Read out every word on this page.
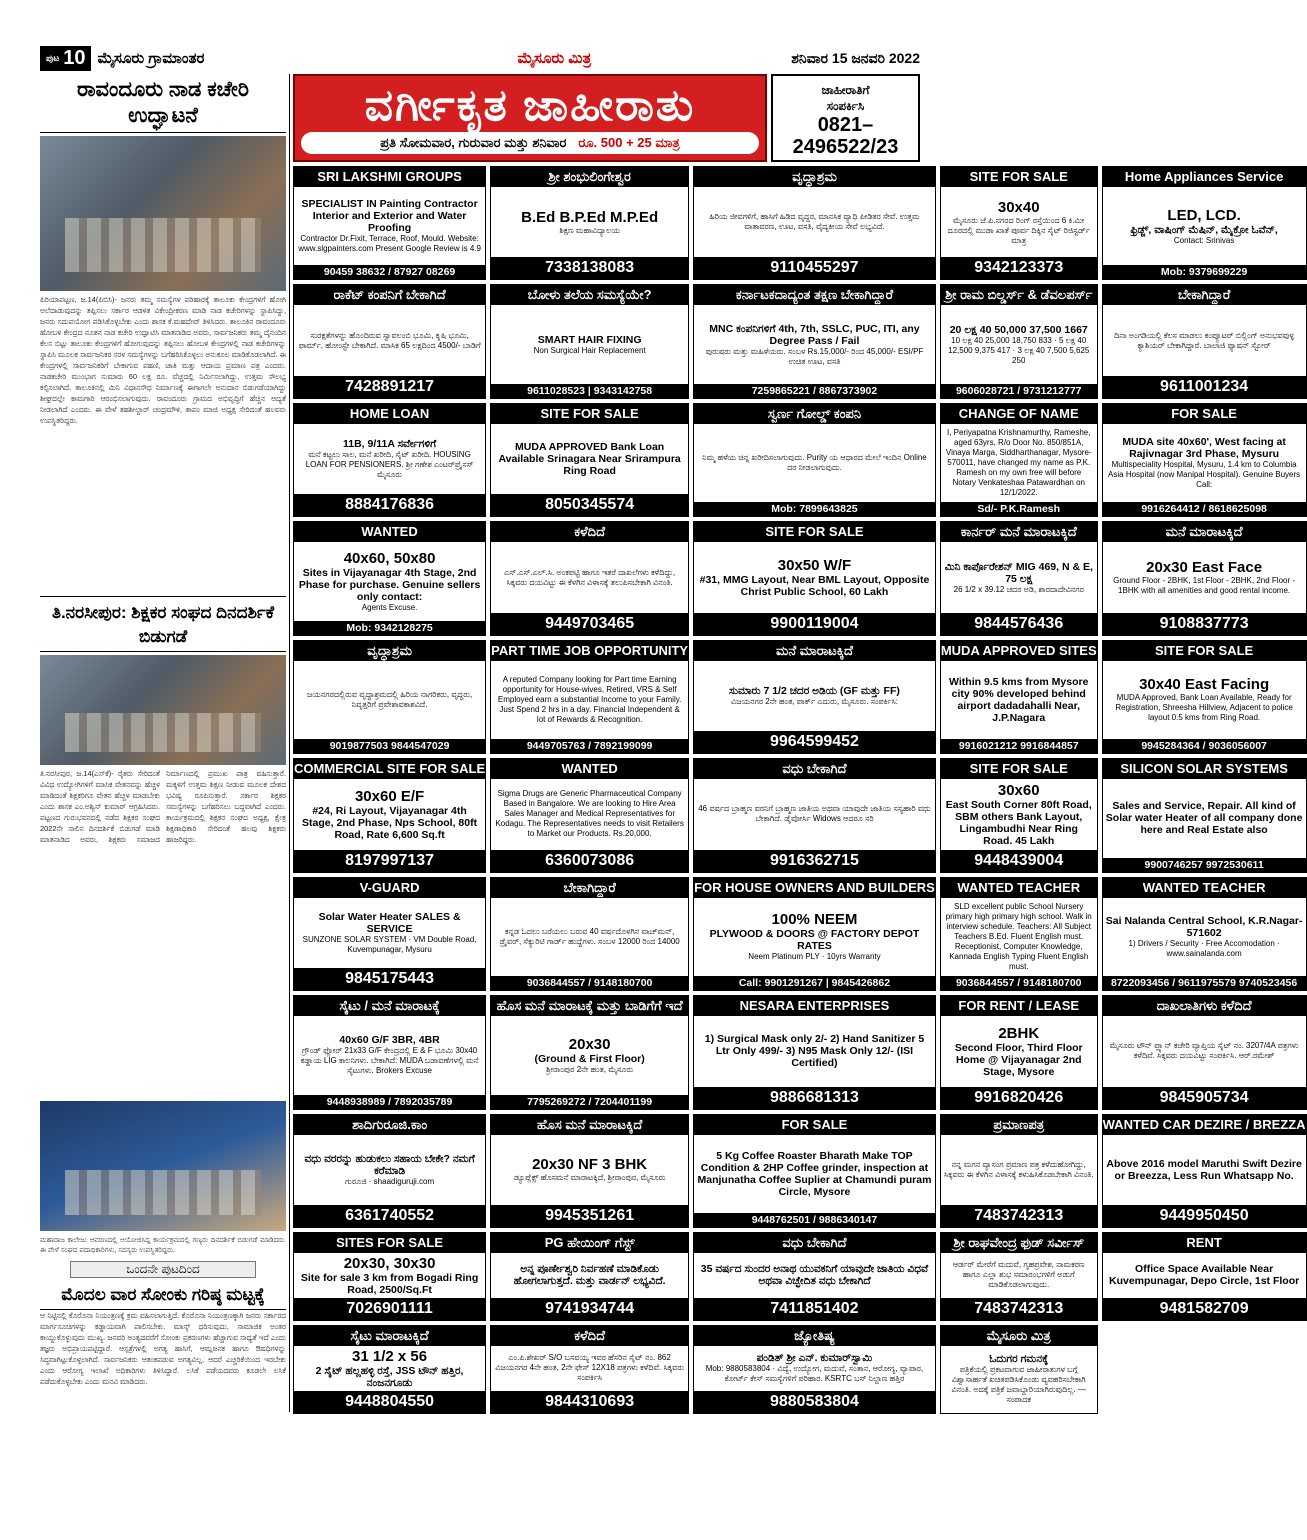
ಪುಟ 10 ಮೈಸೂರು ಗ್ರಾಮಾಂತರ	ಮೈಸೂರು ಮಿತ್ರ	ಶನಿವಾರ 15 ಜನವರಿ 2022
ರಾವಂದೂರು ನಾಡ ಕಚೇರಿ ಉದ್ಘಾಟನೆ
ಪಿರಿಯಾಪಟ್ಟಣ, ಜ.14(ಪಿಬಿಸಿ)- ಜನರು ತಮ್ಮ ಸಮಸ್ಯೆಗಳ ಪರಿಹಾರಕ್ಕೆ ತಾಲೂಕು ಕೇಂದ್ರಗಳಿಗೆ ಹೋಗಿ ಅಲೆದಾಡುವುದನ್ನು ತಪ್ಪಿಸಲು ಸರ್ಕಾರ ಆಡಳಿತ ವಿಕೇಂದ್ರೀಕರಣ ಮಾಡಿ ನಾಡ ಕಚೇರಿಗಳನ್ನು ಸ್ಥಾಪಿಸಿದ್ದು, ಜನರು ಸದುಪಯೋಗ ಪಡಿಸಿಕೊಳ್ಳಬೇಕು ಎಂದು ಶಾಸಕ ಕೆ.ಮಹದೇವ್ ತಿಳಿಸಿದರು. ತಾಲೂಕಿನ ರಾವಂದೂರು ಹೋಬಳಿ ಕೇಂದ್ರದ ನೂತನ ನಾಡ ಕಚೇರಿ ಉದ್ಘಾಟಿಸಿ ಮಾತನಾಡಿದ ಅವರು, ಸಾರ್ವಜನಿಕರು ತಮ್ಮ ದೈನಂದಿನ ಕೆಲಸ ಬಿಟ್ಟು ತಾಲೂಕು ಕೇಂದ್ರಗಳಿಗೆ ಹೋಗುವುದನ್ನು ತಪ್ಪಿಸಲು ಹೋಬಳಿ ಕೇಂದ್ರಗಳಲ್ಲಿ ನಾಡ ಕಚೇರಿಗಳನ್ನು ಸ್ಥಾಪಿಸಿ ಮೂಲಕ ಸಾರ್ವಜನಿಕರ ಸರಳ ಸಮಸ್ಯೆಗಳನ್ನು ಬಗೆಹರಿಸಿಕೊಳ್ಳಲು ಅನುಕೂಲ ಮಾಡಿಕೊಡಲಾಗಿದೆ. ಈ ಕೇಂದ್ರಗಳಲ್ಲಿ ಸಾರ್ವಜನಿಕರಿಗೆ ಬೇಕಾಗುವ ಪಹಣಿ, ಜಾತಿ ಮತ್ತು ಆದಾಯ ಪ್ರಮಾಣ ಪತ್ರ ಎಂದರು. ನಾಡಕಚೇರಿ ಮುಂಭಾಗ ಸುಮಾರು 60 ಲಕ್ಷ ರೂ. ವೆಚ್ಚದಲ್ಲಿ ನಿರ್ಮಿಸಲಾಗಿದ್ದು, ಉತ್ತಮ ಸೌಲಭ್ಯ ಕಲ್ಪಿಸಲಾಗಿದೆ. ತಾಲೂಕಿನಲ್ಲಿ ಮಿನಿ ವಿಧಾನಸೌಧ ನಿರ್ಮಾಣಕ್ಕೆ ಈಗಾಗಲೇ ಅನುದಾನ ಬಿಡುಗಡೆಯಾಗಿದ್ದು ಶೀಘ್ರದಲ್ಲೇ ಕಾಮಗಾರಿ ಆರಂಭಿಸಲಾಗುವುದು. ರಾವಂದೂರು ಗ್ರಾಮದ ಅಭಿವೃದ್ಧಿಗೆ ಹೆಚ್ಚಿನ ಆದ್ಯತೆ ನೀಡಲಾಗಿದೆ ಎಂದರು. ಈ ವೇಳೆ ತಹಶೀಲ್ದಾರ್ ಚಂದ್ರಮೌಳಿ, ತಾಪಂ ಮಾಜಿ ಅಧ್ಯಕ್ಷ ಸೇರಿದಂತೆ ಹಲವರು ಉಪಸ್ಥಿತರಿದ್ದರು.
ತಿ.ನರಸೀಪುರ: ಶಿಕ್ಷಕರ ಸಂಘದ ದಿನದರ್ಶಿಕೆ ಬಿಡುಗಡೆ
ತಿ.ನರಸೀಪುರ, ಜ.14(ಎಸ್‌ಕೆ)- ರೈತರು ಸೇರಿದಂತೆ ವಿವಿಧ ಉದ್ಯೋಗಿಗಳಿಗೆ ಮಾಸಿಕ ವೇತನವನ್ನು ಹೆಚ್ಚಳ ಮಾಡಿದಂತೆ ಶಿಕ್ಷಕರಿಗೂ ವೇತನ ಹೆಚ್ಚಳ ಮಾಡಬೇಕು ಎಂದು ಶಾಸಕ ಎಂ.ಅಶ್ವಿನ್ ಕುಮಾರ್ ಆಗ್ರಹಿಸಿದರು. ಪಟ್ಟಣದ ಗುರುಭವನದಲ್ಲಿ ನಡೆದ ಶಿಕ್ಷಕರ ಸಂಘದ 2022ನೇ ಸಾಲಿನ ದಿನದರ್ಶಿಕೆ ಬಿಡುಗಡೆ ಮಾಡಿ ಮಾತನಾಡಿದ ಅವರು, ಶಿಕ್ಷಕರು ಸಮಾಜದ ನಿರ್ಮಾಣದಲ್ಲಿ ಪ್ರಮುಖ ಪಾತ್ರ ವಹಿಸುತ್ತಾರೆ. ಮಕ್ಕಳಿಗೆ ಉತ್ತಮ ಶಿಕ್ಷಣ ನೀಡುವ ಮೂಲಕ ದೇಶದ ಭವಿಷ್ಯ ರೂಪಿಸುತ್ತಾರೆ. ಸರ್ಕಾರ ಶಿಕ್ಷಕರ ಸಮಸ್ಯೆಗಳನ್ನು ಬಗೆಹರಿಸಲು ಬದ್ಧವಾಗಿದೆ ಎಂದರು. ಕಾರ್ಯಕ್ರಮದಲ್ಲಿ ಶಿಕ್ಷಕರ ಸಂಘದ ಅಧ್ಯಕ್ಷ, ಕ್ಷೇತ್ರ ಶಿಕ್ಷಣಾಧಿಕಾರಿ ಸೇರಿದಂತೆ ಹಲವು ಶಿಕ್ಷಕರು ಹಾಜರಿದ್ದರು.
ಮಹಾರಾಜ ಕಾಲೇಜು ಆವರಣದಲ್ಲಿ ಆಯೋಜಿಸಿದ್ದ ಕಾರ್ಯಕ್ರಮದಲ್ಲಿ ಗಣ್ಯರು ದಿನದರ್ಶಿಕೆ ಬಿಡುಗಡೆ ಮಾಡಿದರು. ಈ ವೇಳೆ ಸಂಘದ ಪದಾಧಿಕಾರಿಗಳು, ಸದಸ್ಯರು ಉಪಸ್ಥಿತರಿದ್ದರು.
ಒಂದನೇ ಪುಟದಿಂದ
ಮೊದಲ ವಾರ ಸೋಂಕು ಗರಿಷ್ಠ ಮಟ್ಟಕ್ಕೆ
ಆ ನಿಟ್ಟಿನಲ್ಲಿ ಕೊರೊನಾ ನಿಯಂತ್ರಣಕ್ಕೆ ಕ್ರಮ ವಹಿಸಲಾಗುತ್ತಿದೆ. ಕೊರೊನಾ ನಿಯಂತ್ರಣಕ್ಕಾಗಿ ಜನರು ಸರ್ಕಾರದ ಮಾರ್ಗಸೂಚಿಗಳನ್ನು ಕಡ್ಡಾಯವಾಗಿ ಪಾಲಿಸಬೇಕು. ಮಾಸ್ಕ್ ಧರಿಸುವುದು, ಸಾಮಾಜಿಕ ಅಂತರ ಕಾಯ್ದುಕೊಳ್ಳುವುದು ಮುಖ್ಯ. ಜನವರಿ ಅಂತ್ಯದವರೆಗೆ ಸೋಂಕು ಪ್ರಕರಣಗಳು ಹೆಚ್ಚಾಗುವ ಸಾಧ್ಯತೆ ಇದೆ ಎಂದು ತಜ್ಞರು ಅಭಿಪ್ರಾಯಪಟ್ಟಿದ್ದಾರೆ. ಆಸ್ಪತ್ರೆಗಳಲ್ಲಿ ಅಗತ್ಯ ಹಾಸಿಗೆ, ಆಮ್ಲಜನಕ ಹಾಗೂ ಔಷಧಿಗಳನ್ನು ಸಿದ್ಧವಾಗಿಟ್ಟುಕೊಳ್ಳಲಾಗಿದೆ. ಸಾರ್ವಜನಿಕರು ಆತಂಕಪಡುವ ಅಗತ್ಯವಿಲ್ಲ, ಆದರೆ ಎಚ್ಚರಿಕೆಯಿಂದ ಇರಬೇಕು ಎಂದು ಆರೋಗ್ಯ ಇಲಾಖೆ ಅಧಿಕಾರಿಗಳು ತಿಳಿಸಿದ್ದಾರೆ. ಲಸಿಕೆ ಪಡೆಯದವರು ಕೂಡಲೇ ಲಸಿಕೆ ಪಡೆದುಕೊಳ್ಳಬೇಕು ಎಂದು ಮನವಿ ಮಾಡಿದರು.
ವರ್ಗೀಕೃತ ಜಾಹೀರಾತು
ಪ್ರತಿ ಸೋಮವಾರ, ಗುರುವಾರ ಮತ್ತು ಶನಿವಾರ ರೂ. 500 + 25 ಮಾತ್ರ
ಜಾಹೀರಾತಿಗೆ
ಸಂಪರ್ಕಿಸಿ
0821–2496522/23
SRI LAKSHMI GROUPS
SPECIALIST IN Painting Contractor Interior and Exterior and Water Proofing
Contractor Dr.Fixit, Terrace, Roof, Mould. Website: www.slgpainters.com Present Google Review is 4.9
90459 38632 / 87927 08269
ಶ್ರೀ ಶಂಭುಲಿಂಗೇಶ್ವರ
B.Ed B.P.Ed M.P.Ed
ಶಿಕ್ಷಣ ಮಹಾವಿದ್ಯಾಲಯ
7338138083
ವೃದ್ಧಾಶ್ರಮ
ಹಿರಿಯ ಜೀವಗಳಿಗೆ, ಹಾಸಿಗೆ ಹಿಡಿದ ವೃದ್ಧರ, ಮಾನಸಿಕ ವ್ಯಾಧಿ ಪೀಡಿತರ ಸೇವೆ. ಉತ್ತಮ ವಾತಾವರಣ, ಊಟ, ವಸತಿ, ವೈದ್ಯಕೀಯ ಸೇವೆ ಲಭ್ಯವಿದೆ.
9110455297
SITE FOR SALE
30x40
ಮೈಸೂರು ಜೆ.ಪಿ.ನಗರದ ರಿಂಗ್ ರಸ್ತೆಯಿಂದ 6 ಕಿ.ಮೀ ದೂರದಲ್ಲಿ ಮುಡಾ ಖಾತೆ ಪೂರ್ವ ದಿಕ್ಕಿನ ಸೈಟ್ ರಿಜಿಸ್ಟರ್ಡ್ ಮಾತ್ರ
9342123373
Home Appliances Service
LED, LCD.
ಫ್ರಿಡ್ಜ್, ವಾಷಿಂಗ್ ಮೆಷಿನ್, ಮೈಕ್ರೋ ಓವೆನ್,
Contact: Srinivas
Mob: 9379699229
ರಾಕೆಟ್ ಕಂಪನಿಗೆ ಬೇಕಾಗಿದೆ
ಸುರಕ್ಷತೆಗಳನ್ನು ಹೊಂದಿರುವ ಸ್ವಾವಲಂಬಿ ಭೂಮಿ, ಕೃಷಿ ಭೂಮಿ, ಫಾರ್ಮ್, ಹೋಂಸ್ಟೇ ಬೇಕಾಗಿದೆ. ಮಾಸಿಕ 65 ಲಕ್ಷದಿಂದ 4500/- ಬಾಡಿಗೆ
7428891217
ಬೋಳು ತಲೆಯ ಸಮಸ್ಯೆಯೇ?
SMART HAIR FIXING
Non Surgical Hair Replacement
9611028523 | 9343142758
ಕರ್ನಾಟಕದಾದ್ಯಂತ ತಕ್ಷಣ ಬೇಕಾಗಿದ್ದಾರೆ
MNC ಕಂಪನಿಗಳಿಗೆ 4th, 7th, SSLC, PUC, ITI, any Degree Pass / Fail
ಪುರುಷರು ಮತ್ತು ಮಹಿಳೆಯರು. ಸಂಬಳ Rs.15,000/- ರಿಂದ 45,000/- ESI/PF ಉಚಿತ ಊಟ, ವಸತಿ
7259865221 / 8867373902
ಶ್ರೀ ರಾಮ ಬಿಲ್ಡರ್ಸ್ & ಡೆವಲಪರ್ಸ್
20 ಲಕ್ಷ 40 50,000 37,500 1667
10 ಲಕ್ಷ 40 25,000 18,750 833 · 5 ಲಕ್ಷ 40 12,500 9,375 417 · 3 ಲಕ್ಷ 40 7,500 5,625 250
9606028721 / 9731212777
ಬೇಕಾಗಿದ್ದಾರೆ
ದಿನಾ ಅಂಗಡಿಯಲ್ಲಿ ಕೆಲಸ ಮಾಡಲು ಕಂಪ್ಯೂಟರ್ ಬಿಲ್ಲಿಂಗ್ ಅನುಭವವುಳ್ಳ ಕ್ಯಾಶಿಯರ್ ಬೇಕಾಗಿದ್ದಾರೆ. ಬಾಲಾಜಿ ಫ್ಯಾಷನ್ ಸ್ಟೋರ್
9611001234
HOME LOAN
11B, 9/11A ಸರ್ವೇಗಳಿಗೆ
ಮನೆ ಕಟ್ಟಲು ಸಾಲ, ಮನೆ ಖರೀದಿ, ಸೈಟ್ ಖರೀದಿ. HOUSING LOAN FOR PENSIONERS. ಶ್ರೀ ಗಣೇಶ ಎಂಟರ್‌ಪ್ರೈಸಸ್ ಮೈಸೂರು
8884176836
SITE FOR SALE
MUDA APPROVED Bank Loan Available Srinagara Near Srirampura Ring Road
8050345574
ಸ್ವರ್ಣ ಗೋಲ್ಡ್ ಕಂಪನಿ
ನಿಮ್ಮ ಹಳೆಯ ಚಿನ್ನ ಖರೀದಿಸಲಾಗುವುದು. Purity ಯ ಆಧಾರದ ಮೇಲೆ ಇಂದಿನ Online ದರ ನೀಡಲಾಗುವುದು.
Mob: 7899643825
CHANGE OF NAME
I, Periyapatna Krishnamurthy, Rameshe, aged 63yrs, R/o Door No. 850/851A, Vinaya Marga, Siddharthanagar, Mysore-570011, have changed my name as P.K. Ramesh on my own free will before Notary Venkateshaa Patawardhan on 12/1/2022.
Sd/- P.K.Ramesh
FOR SALE
MUDA site 40x60', West facing at Rajivnagar 3rd Phase, Mysuru
Multispeciality Hospital, Mysuru, 1.4 km to Columbia Asia Hospital (now Manipal Hospital). Genuine Buyers Call:
9916264412 / 8618625098
WANTED
40x60, 50x80
Sites in Vijayanagar 4th Stage, 2nd Phase for purchase. Genuine sellers only contact:
Agents Excuse.
Mob: 9342128275
ಕಳೆದಿದೆ
ಎಸ್.ಎಸ್.ಎಲ್.ಸಿ. ಅಂಕಪಟ್ಟಿ ಹಾಗೂ ಇತರೆ ದಾಖಲೆಗಳು ಕಳೆದಿದ್ದು, ಸಿಕ್ಕವರು ದಯವಿಟ್ಟು ಈ ಕೆಳಗಿನ ವಿಳಾಸಕ್ಕೆ ತಲುಪಿಸಬೇಕಾಗಿ ವಿನಂತಿ.
9449703465
SITE FOR SALE
30x50 W/F
#31, MMG Layout, Near BML Layout, Opposite Christ Public School, 60 Lakh
9900119004
ಕಾರ್ನರ್ ಮನೆ ಮಾರಾಟಕ್ಕಿದೆ
ಮಿನಿ ಕಾರ್ಪೊರೇಶನ್ MIG 469, N & E, 75 ಲಕ್ಷ
26 1/2 x 39.12 ಚದರ ಅಡಿ, ಶಾರದಾದೇವಿನಗರ
9844576436
ಮನೆ ಮಾರಾಟಕ್ಕಿದೆ
20x30 East Face
Ground Floor - 2BHK, 1st Floor - 2BHK, 2nd Floor - 1BHK with all amenities and good rental income.
9108837773
ವೃದ್ಧಾಶ್ರಮ
ಜಯನಗರದಲ್ಲಿರುವ ವೃದ್ಧಾಶ್ರಮದಲ್ಲಿ ಹಿರಿಯ ನಾಗರಿಕರು, ವೃದ್ಧರು, ನಿವೃತ್ತರಿಗೆ ಪ್ರವೇಶಾವಕಾಶವಿದೆ.
9019877503 9844547029
PART TIME JOB OPPORTUNITY
A reputed Company looking for Part time Earning opportunity for House-wives, Retired, VRS & Self Employed earn a substantial Income to your Family. Just Spend 2 hrs in a day. Financial Independent & lot of Rewards & Recognition.
9449705763 / 7892199099
ಮನೆ ಮಾರಾಟಕ್ಕಿದೆ
ಸುಮಾರು 7 1/2 ಚದರ ಅಡಿಯ (GF ಮತ್ತು FF)
ವಿಜಯನಗರ 2ನೇ ಹಂತ, ಪಾರ್ಕ್ ಎದುರು, ಮೈಸೂರು. ಸಂಪರ್ಕಿಸಿ:
9964599452
MUDA APPROVED SITES
Within 9.5 kms from Mysore city 90% developed behind airport dadadahalli Near, J.P.Nagara
9916021212 9916844857
SITE FOR SALE
30x40 East Facing
MUDA Approved, Bank Loan Available, Ready for Registration, Shreesha Hillview, Adjacent to police layout 0.5 kms from Ring Road.
9945284364 / 9036056007
COMMERCIAL SITE FOR SALE
30x60 E/F
#24, Ri Layout, Vijayanagar 4th Stage, 2nd Phase, Nps School, 80ft Road, Rate 6,600 Sq.ft
8197997137
WANTED
Sigma Drugs are Generic Pharmaceutical Company Based in Bangalore. We are looking to Hire Area Sales Manager and Medical Representatives for Kodagu. The Representatives needs to visit Retailers to Market our Products. Rs.20,000.
6360073086
ವಧು ಬೇಕಾಗಿದೆ
46 ವರ್ಷದ ಬ್ರಾಹ್ಮಣ ವರನಿಗೆ ಬ್ರಾಹ್ಮಣ ಜಾತಿಯ ಅಥವಾ ಯಾವುದೇ ಜಾತಿಯ ಸಸ್ಯಹಾರಿ ವಧು ಬೇಕಾಗಿದೆ. ಡೈವೋರ್ಸಿ Widows ಆದರೂ ಸರಿ
9916362715
SITE FOR SALE
30x60
East South Corner 80ft Road, SBM others Bank Layout, Lingambudhi Near Ring Road. 45 Lakh
9448439004
SILICON SOLAR SYSTEMS
Sales and Service, Repair. All kind of Solar water Heater of all company done here and Real Estate also
9900746257 9972530611
V-GUARD
Solar Water Heater SALES & SERVICE
SUNZONE SOLAR SYSTEM · VM Double Road, Kuvempunagar, Mysuru
9845175443
ಬೇಕಾಗಿದ್ದಾರೆ
ಕನ್ನಡ ಓದಲು ಬರೆಯಲು ಬರುವ 40 ವರ್ಷದೊಳಗಿನ ವಾಚ್‌ಮನ್, ಡ್ರೈವರ್, ಸೆಕ್ಯುರಿಟಿ ಗಾರ್ಡ್ ಹುದ್ದೆಗಳು. ಸಂಬಳ 12000 ರಿಂದ 14000
9036844557 / 9148180700
FOR HOUSE OWNERS AND BUILDERS
100% NEEM
PLYWOOD & DOORS @ FACTORY DEPOT RATES
Neem Platinum PLY · 10yrs Warranty
Call: 9901291267 | 9845426862
WANTED TEACHER
SLD excellent public School Nursery primary high primary high school. Walk in interview schedule. Teachers: All Subject Teachers B.Ed. Fluent English must. Receptionist, Computer Knowledge, Kannada English Typing Fluent English must.
9036844557 / 9148180700
WANTED TEACHER
Sai Nalanda Central School, K.R.Nagar-571602
1) Drivers / Security · Free Accomodation · www.sainalanda.com
8722093456 / 9611975579 9740523456
ಸೈಟು / ಮನೆ ಮಾರಾಟಕ್ಕೆ
40x60 G/F 3BR, 4BR
ಗ್ರೌಂಡ್ ಫ್ಲೋರ್ 21x33 G/F ಕೇಂದ್ರದಲ್ಲಿ E & F ಭೂಮಿ 30x40 ಕಡ್ಡಾಯ LIG ಕಾಲನಿಗಳು. ಬೇಕಾಗಿದೆ: MUDA ಬಡಾವಣೆಗಳಲ್ಲಿ ಮನೆ ಸೈಟುಗಳು. Brokers Excuse
9448938989 / 7892035789
ಹೊಸ ಮನೆ ಮಾರಾಟಕ್ಕೆ ಮತ್ತು ಬಾಡಿಗೆಗೆ ಇದೆ
20x30
(Ground & First Floor)
ಶ್ರೀರಾಂಪುರ 2ನೇ ಹಂತ, ಮೈಸೂರು
7795269272 / 7204401199
NESARA ENTERPRISES
1) Surgical Mask only 2/- 2) Hand Sanitizer 5 Ltr Only 499/- 3) N95 Mask Only 12/- (ISI Certified)
9886681313
FOR RENT / LEASE
2BHK
Second Floor, Third Floor Home @ Vijayanagar 2nd Stage, Mysore
9916820426
ದಾಖಲಾತಿಗಳು ಕಳೆದಿದೆ
ಮೈಸೂರು ಟೌನ್ ಪ್ಲ್ಯಾನ್ ಕಚೇರಿ ವ್ಯಾಪ್ತಿಯ ಸೈಟ್ ನಂ. 3207/4A ಪತ್ರಗಳು ಕಳೆದಿವೆ. ಸಿಕ್ಕವರು ದಯವಿಟ್ಟು ಸಂಪರ್ಕಿಸಿ. ಆರ್.ರಮೇಶ್
9845905734
ಶಾದಿಗುರೂಜಿ.ಕಾಂ
ವಧು ವರರನ್ನು ಹುಡುಕಲು ಸಹಾಯ ಬೇಕೇ? ನಮಗೆ ಕರೆಮಾಡಿ
ಗುರೂಜಿ · shaadiguruji.com
6361740552
ಹೊಸ ಮನೆ ಮಾರಾಟಕ್ಕಿದೆ
20x30 NF 3 BHK
ಡ್ಯೂಪ್ಲೆಕ್ಸ್ ಹೊಸಮನೆ ಮಾರಾಟಕ್ಕಿದೆ, ಶ್ರೀರಾಂಪುರ, ಮೈಸೂರು
9945351261
FOR SALE
5 Kg Coffee Roaster Bharath Make TOP Condition & 2HP Coffee grinder, inspection at Manjunatha Coffee Suplier at Chamundi puram Circle, Mysore
9448762501 / 9886340147
ಪ್ರಮಾಣಪತ್ರ
ನನ್ನ ಮಗನ ವ್ಯಾಸಂಗ ಪ್ರಮಾಣ ಪತ್ರ ಕಳೆದುಹೋಗಿದ್ದು, ಸಿಕ್ಕವರು ಈ ಕೆಳಗಿನ ವಿಳಾಸಕ್ಕೆ ಕಳುಹಿಸಿಕೊಡಬೇಕಾಗಿ ವಿನಂತಿ.
7483742313
WANTED CAR DEZIRE / BREZZA
Above 2016 model Maruthi Swift Dezire or Breezza, Less Run Whatsapp No.
9449950450
SITES FOR SALE
20x30, 30x30
Site for sale 3 km from Bogadi Ring Road, 2500/Sq.Ft
7026901111
PG ಹೇಯಿಂಗ್ ಗೆಸ್ಟ್
ಅನ್ನ ಪೂರ್ಣೇಶ್ವರಿ ನಿರ್ವಹಣೆ ಮಾಡಿಕೊಡು ಹೋಗಲಾಗುತ್ತದೆ. ಮತ್ತು ವಾರ್ಡನ್ ಲಭ್ಯವಿದೆ.
9741934744
ವಧು ಬೇಕಾಗಿದೆ
35 ವರ್ಷದ ಸುಂದರ ಅನಾಥ ಯುವಕನಿಗೆ ಯಾವುದೇ ಜಾತಿಯ ವಿಧವೆ ಅಥವಾ ವಿಚ್ಛೇದಿತ ವಧು ಬೇಕಾಗಿದೆ
7411851402
ಶ್ರೀ ರಾಘವೇಂದ್ರ ಫುಡ್ ಸರ್ವೀಸ್
ಆರ್ಡರ್ ಮೇರೆಗೆ ಮದುವೆ, ಗೃಹಪ್ರವೇಶ, ನಾಮಕರಣ ಹಾಗೂ ಎಲ್ಲಾ ಶುಭ ಸಮಾರಂಭಗಳಿಗೆ ಅಡುಗೆ ಮಾಡಿಕೊಡಲಾಗುವುದು.
7483742313
RENT
Office Space Available Near Kuvempunagar, Depo Circle, 1st Floor
9481582709
ಸೈಟು ಮಾರಾಟಕ್ಕಿದೆ
31 1/2 x 56
2 ಸೈಟ್ ಹಲ್ಲಹಳ್ಳಿ ರಸ್ತೆ, JSS ಟೌನ್ ಹತ್ತಿರ, ನಂಜನಗೂಡು
9448804550
ಕಳೆದಿದೆ
ಎಂ.ಪಿ.ಶೇಖರ್ S/O ಬಸವಯ್ಯ ಇವರ ಹೆಸರಿನ ಸೈಟ್ ನಂ. 862 ವಿಜಯನಗರ 4ನೇ ಹಂತ, 2ನೇ ಫೇಸ್ 12X18 ಪತ್ರಗಳು ಕಳೆದಿವೆ. ಸಿಕ್ಕವರು ಸಂಪರ್ಕಿಸಿ
9844310693
ಜ್ಯೋತಿಷ್ಯ
ಪಂಡಿತ್ ಶ್ರೀ ಎನ್. ಕುಮಾರ್‌ಸ್ವಾಮಿ
Mob: 9880583804 · ವಿದ್ಯೆ, ಉದ್ಯೋಗ, ಮದುವೆ, ಸಂತಾನ, ಆರೋಗ್ಯ, ವ್ಯಾಪಾರ, ಕೋರ್ಟ್ ಕೇಸ್ ಸಮಸ್ಯೆಗಳಿಗೆ ಪರಿಹಾರ. KSRTC ಬಸ್ ನಿಲ್ದಾಣ ಹತ್ತಿರ
9880583804
ಮೈಸೂರು ಮಿತ್ರ
ಓದುಗರ ಗಮನಕ್ಕೆ
ಪತ್ರಿಕೆಯಲ್ಲಿ ಪ್ರಕಟವಾಗುವ ಜಾಹೀರಾತುಗಳ ಬಗ್ಗೆ ವಿಶ್ವಾಸಾರ್ಹತೆ ಖಚಿತಪಡಿಸಿಕೊಂಡು ವ್ಯವಹರಿಸಬೇಕಾಗಿ ವಿನಂತಿ. ಅದಕ್ಕೆ ಪತ್ರಿಕೆ ಜವಾಬ್ದಾರಿಯಾಗಿರುವುದಿಲ್ಲ. —ಸಂಪಾದಕ
